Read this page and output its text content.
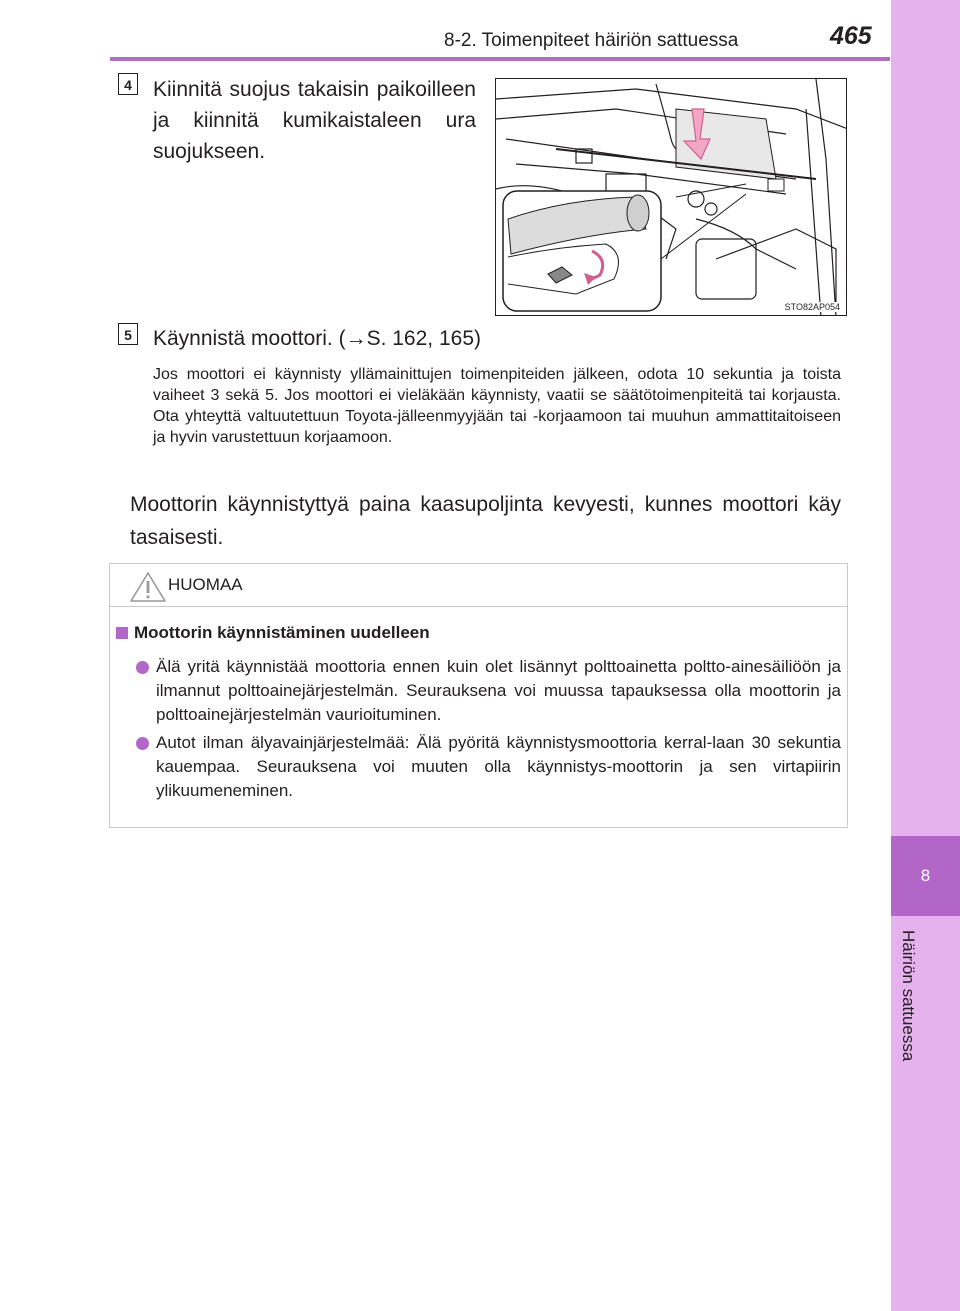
8
Häiriön sattuessa
8-2. Toimenpiteet häiriön sattuessa	465
4 Kiinnitä suojus takaisin paikoilleen ja kiinnitä kumikaistaleen ura suojukseen.
STO82AP054
5 Käynnistä moottori. (→S. 162, 165)
Jos moottori ei käynnisty yllämainittujen toimenpiteiden jälkeen, odota 10 sekuntia ja toista vaiheet 3 sekä 5. Jos moottori ei vieläkään käynnisty, vaatii se säätötoimenpiteitä tai korjausta. Ota yhteyttä valtuutettuun Toyota-jälleenmyyjään tai -korjaamoon tai muuhun ammattitaitoiseen ja hyvin varustettuun korjaamoon.
Moottorin käynnistyttyä paina kaasupoljinta kevyesti, kunnes moottori käy tasaisesti.
HUOMAA
Moottorin käynnistäminen uudelleen
Älä yritä käynnistää moottoria ennen kuin olet lisännyt polttoainetta poltto-ainesäiliöön ja ilmannut polttoainejärjestelmän. Seurauksena voi muussa tapauksessa olla moottorin ja polttoainejärjestelmän vaurioituminen.
Autot ilman älyavainjärjestelmää: Älä pyöritä käynnistysmoottoria kerral-laan 30 sekuntia kauempaa. Seurauksena voi muuten olla käynnistys-moottorin ja sen virtapiirin ylikuumeneminen.
